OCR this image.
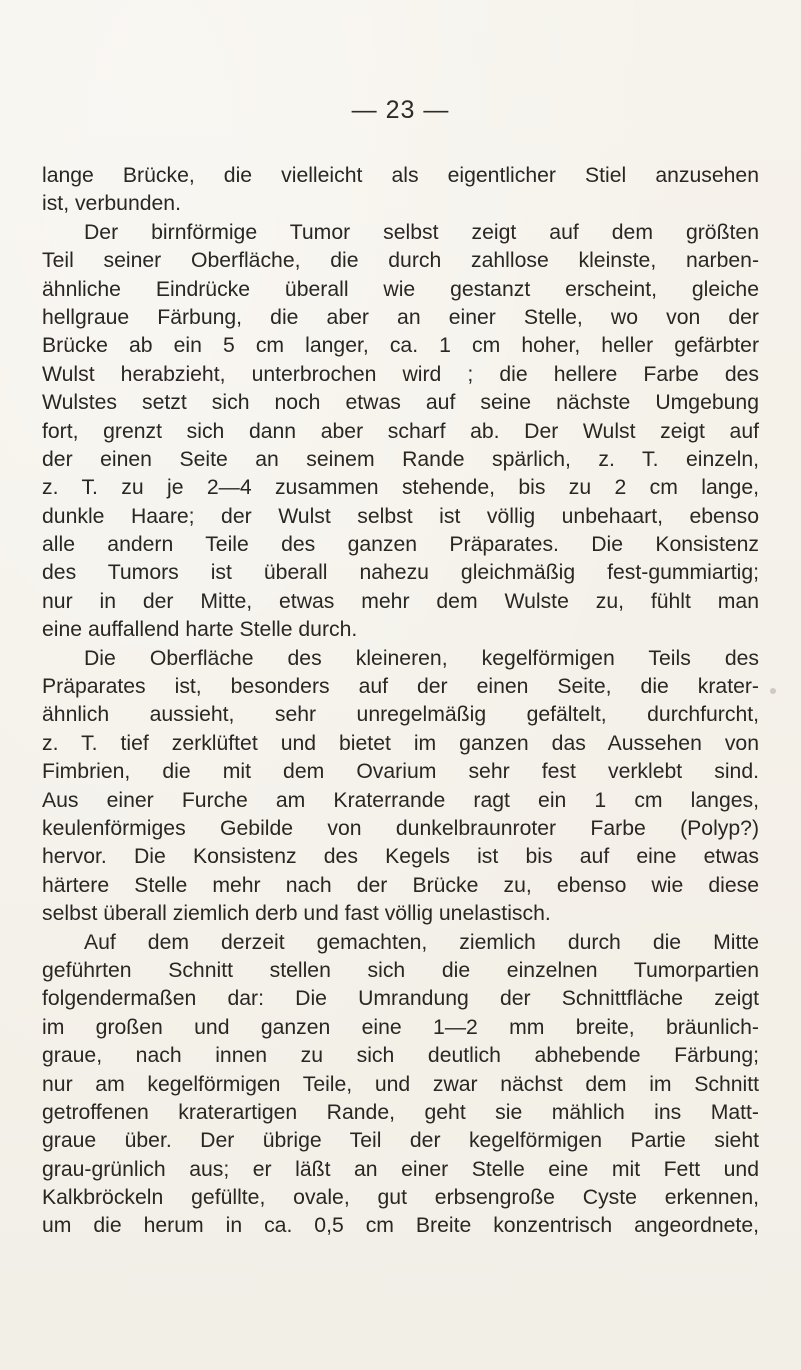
— 23 —
lange Brücke, die vielleicht als eigentlicher Stiel anzusehen
ist, verbunden.
Der birnförmige Tumor selbst zeigt auf dem größten
Teil seiner Oberfläche, die durch zahllose kleinste, narben-
ähnliche Eindrücke überall wie gestanzt erscheint, gleiche
hellgraue Färbung, die aber an einer Stelle, wo von der
Brücke ab ein 5 cm langer, ca. 1 cm hoher, heller gefärbter
Wulst herabzieht, unterbrochen wird ; die hellere Farbe des
Wulstes setzt sich noch etwas auf seine nächste Umgebung
fort, grenzt sich dann aber scharf ab. Der Wulst zeigt auf
der einen Seite an seinem Rande spärlich, z. T. einzeln,
z. T. zu je 2—4 zusammen stehende, bis zu 2 cm lange,
dunkle Haare; der Wulst selbst ist völlig unbehaart, ebenso
alle andern Teile des ganzen Präparates. Die Konsistenz
des Tumors ist überall nahezu gleichmäßig fest-gummiartig;
nur in der Mitte, etwas mehr dem Wulste zu, fühlt man
eine auffallend harte Stelle durch.
Die Oberfläche des kleineren, kegelförmigen Teils des
Präparates ist, besonders auf der einen Seite, die krater-
ähnlich aussieht, sehr unregelmäßig gefältelt, durchfurcht,
z. T. tief zerklüftet und bietet im ganzen das Aussehen von
Fimbrien, die mit dem Ovarium sehr fest verklebt sind.
Aus einer Furche am Kraterrande ragt ein 1 cm langes,
keulenförmiges Gebilde von dunkelbraunroter Farbe (Polyp?)
hervor. Die Konsistenz des Kegels ist bis auf eine etwas
härtere Stelle mehr nach der Brücke zu, ebenso wie diese
selbst überall ziemlich derb und fast völlig unelastisch.
Auf dem derzeit gemachten, ziemlich durch die Mitte
geführten Schnitt stellen sich die einzelnen Tumorpartien
folgendermaßen dar: Die Umrandung der Schnittfläche zeigt
im großen und ganzen eine 1—2 mm breite, bräunlich-
graue, nach innen zu sich deutlich abhebende Färbung;
nur am kegelförmigen Teile, und zwar nächst dem im Schnitt
getroffenen kraterartigen Rande, geht sie mählich ins Matt-
graue über. Der übrige Teil der kegelförmigen Partie sieht
grau-grünlich aus; er läßt an einer Stelle eine mit Fett und
Kalkbröckeln gefüllte, ovale, gut erbsengroße Cyste erkennen,
um die herum in ca. 0,5 cm Breite konzentrisch angeordnete,
